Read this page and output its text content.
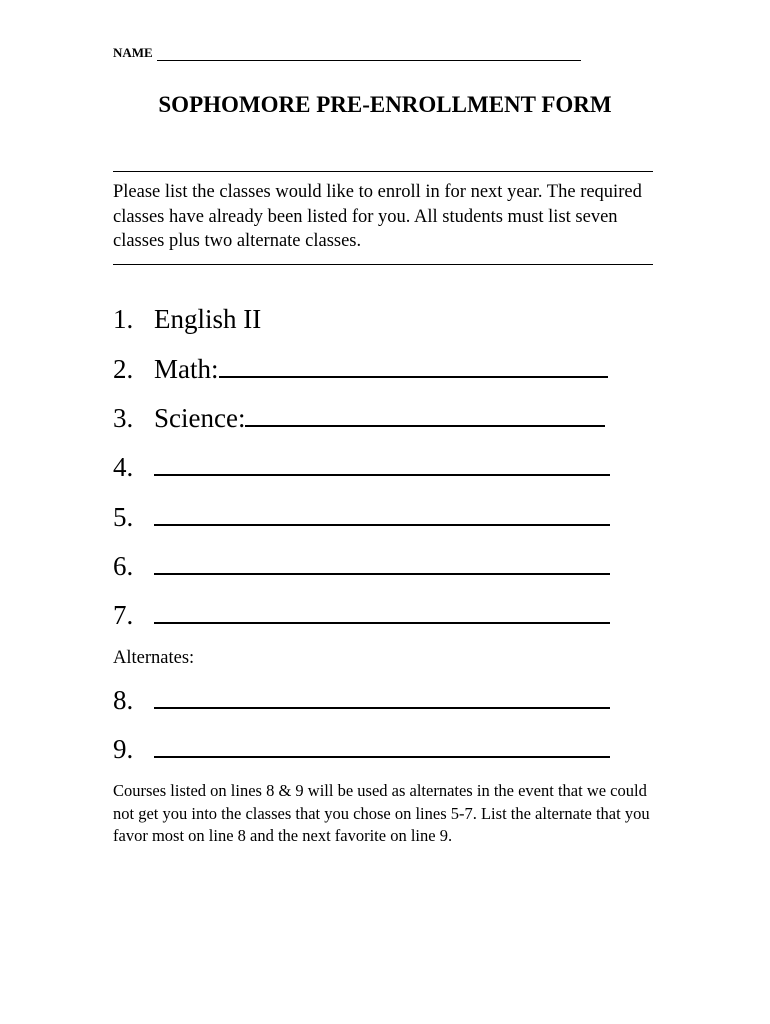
NAME
SOPHOMORE PRE-ENROLLMENT FORM
Please list the classes would like to enroll in for next year. The required classes have already been listed for you. All students must list seven classes plus two alternate classes.
1. English II
2. Math:
3. Science:
4.
5.
6.
7.
Alternates:
8.
9.
Courses listed on lines 8 & 9 will be used as alternates in the event that we could not get you into the classes that you chose on lines 5-7. List the alternate that you favor most on line 8 and the next favorite on line 9.
